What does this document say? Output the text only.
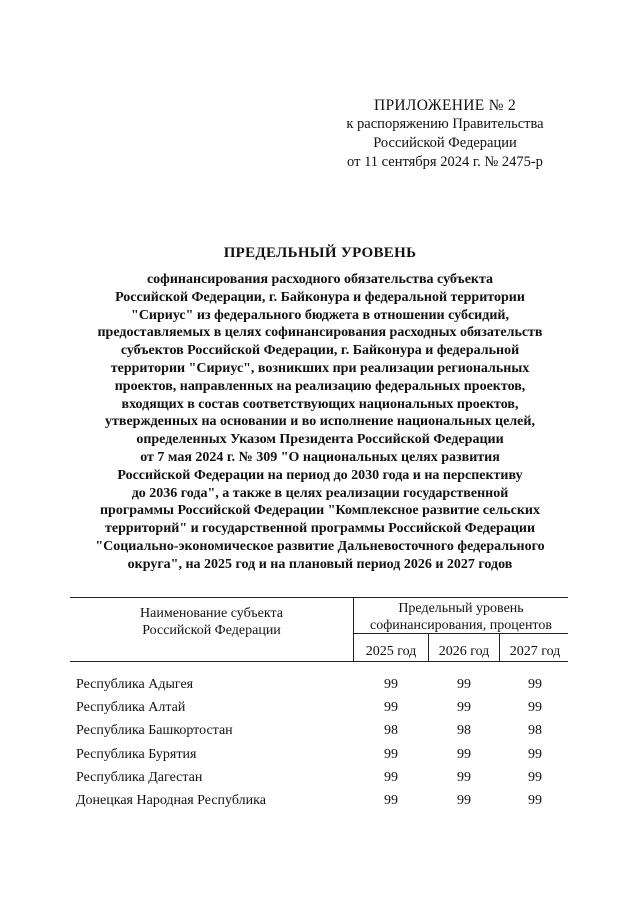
ПРИЛОЖЕНИЕ № 2
к распоряжению Правительства
Российской Федерации
от 11 сентября 2024 г. № 2475-р
ПРЕДЕЛЬНЫЙ УРОВЕНЬ
софинансирования расходного обязательства субъекта
Российской Федерации, г. Байконура и федеральной территории
"Сириус" из федерального бюджета в отношении субсидий,
предоставляемых в целях софинансирования расходных обязательств
субъектов Российской Федерации, г. Байконура и федеральной
территории "Сириус", возникших при реализации региональных
проектов, направленных на реализацию федеральных проектов,
входящих в состав соответствующих национальных проектов,
утвержденных на основании и во исполнение национальных целей,
определенных Указом Президента Российской Федерации
от 7 мая 2024 г. № 309 "О национальных целях развития
Российской Федерации на период до 2030 года и на перспективу
до 2036 года", а также в целях реализации государственной
программы Российской Федерации "Комплексное развитие сельских
территорий" и государственной программы Российской Федерации
"Социально-экономическое развитие Дальневосточного федерального
округа", на 2025 год и на плановый период 2026 и 2027 годов
Наименование субъекта
Российской Федерации
Предельный уровень
софинансирования, процентов
2025 год	2026 год	2027 год
Республика Адыгея	99	99	99
Республика Алтай	99	99	99
Республика Башкортостан	98	98	98
Республика Бурятия	99	99	99
Республика Дагестан	99	99	99
Донецкая Народная Республика	99	99	99
